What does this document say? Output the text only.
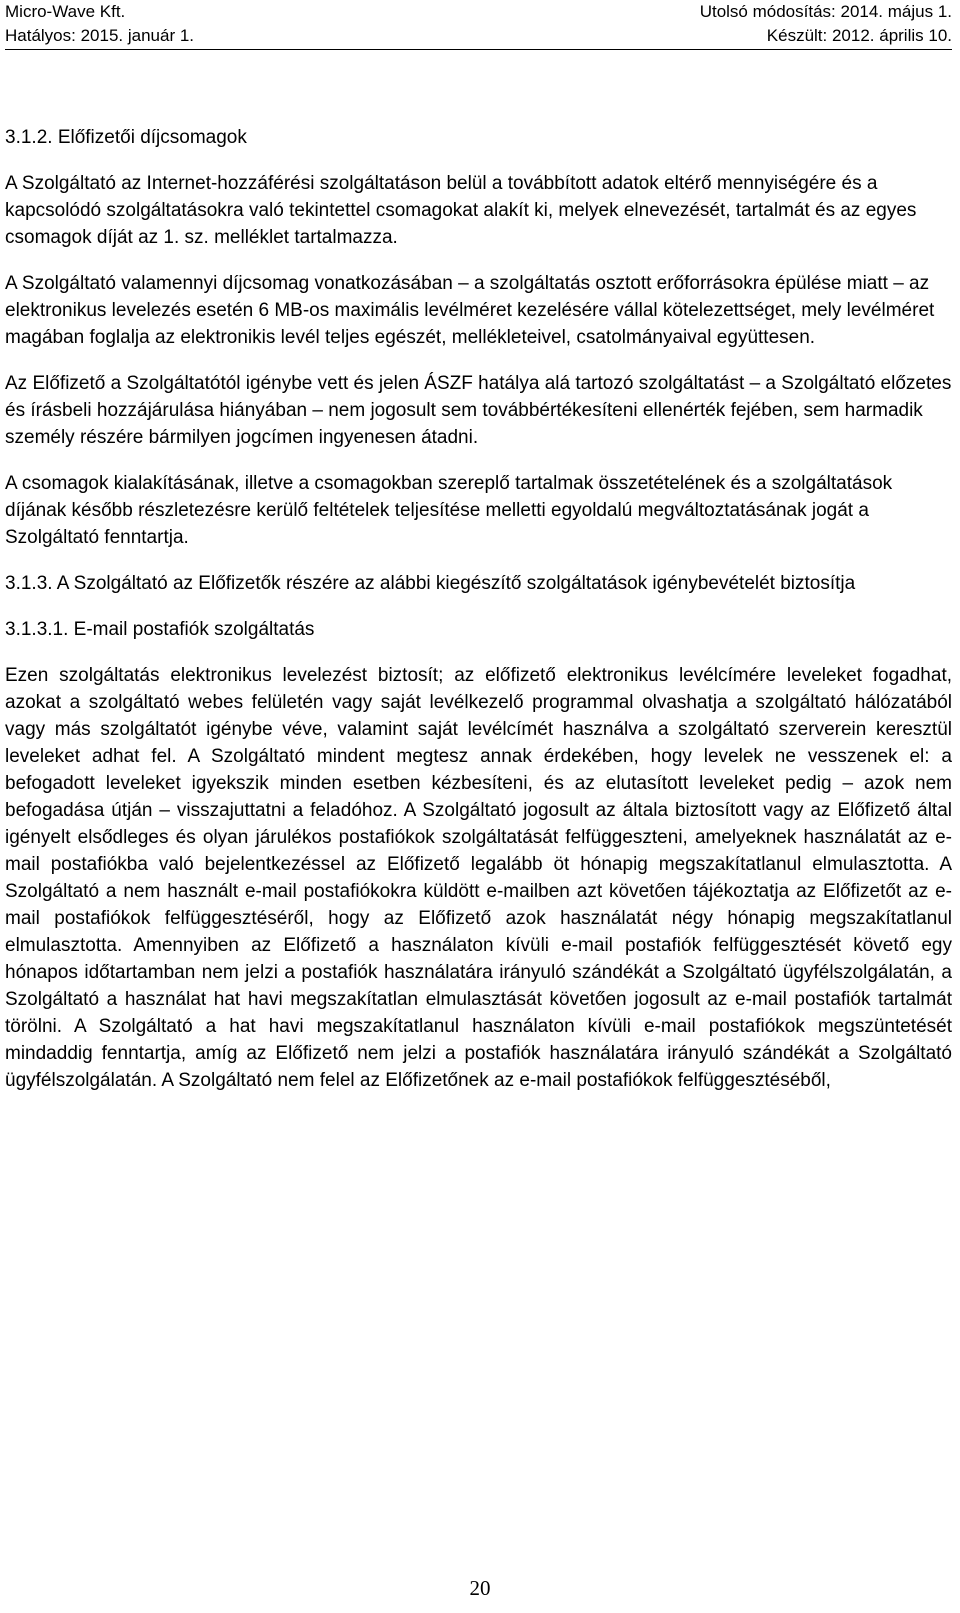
Micro-Wave Kft.	Utolsó módosítás: 2014. május 1.
Hatályos: 2015. január 1.	Készült: 2012. április 10.

3.1.2. Előfizetői díjcsomagok

A Szolgáltató az Internet-hozzáférési szolgáltatáson belül a továbbított adatok eltérő mennyiségére és a kapcsolódó szolgáltatásokra való tekintettel csomagokat alakít ki, melyek elnevezését, tartalmát és az egyes csomagok díját az 1. sz. melléklet tartalmazza.

A Szolgáltató valamennyi díjcsomag vonatkozásában – a szolgáltatás osztott erőforrásokra épülése miatt – az elektronikus levelezés esetén 6 MB-os maximális levélméret kezelésére vállal kötelezettséget, mely levélméret magában foglalja az elektronikis levél teljes egészét, mellékleteivel, csatolmányaival együttesen.

Az Előfizető a Szolgáltatótól igénybe vett és jelen ÁSZF hatálya alá tartozó szolgáltatást – a Szolgáltató előzetes és írásbeli hozzájárulása hiányában – nem jogosult sem továbbértékesíteni ellenérték fejében, sem harmadik személy részére bármilyen jogcímen ingyenesen átadni.

A csomagok kialakításának, illetve a csomagokban szereplő tartalmak összetételének és a szolgáltatások díjának később részletezésre kerülő feltételek teljesítése melletti egyoldalú megváltoztatásának jogát a Szolgáltató fenntartja.

3.1.3. A Szolgáltató az Előfizetők részére az alábbi kiegészítő szolgáltatások igénybevételét biztosítja

3.1.3.1. E-mail postafiók szolgáltatás

Ezen szolgáltatás elektronikus levelezést biztosít; az előfizető elektronikus levélcímére leveleket fogadhat, azokat a szolgáltató webes felületén vagy saját levélkezelő programmal olvashatja a szolgáltató hálózatából vagy más szolgáltatót igénybe véve, valamint saját levélcímét használva a szolgáltató szerverein keresztül leveleket adhat fel. A Szolgáltató mindent megtesz annak érdekében, hogy levelek ne vesszenek el: a befogadott leveleket igyekszik minden esetben kézbesíteni, és az elutasított leveleket pedig – azok nem befogadása útján – visszajuttatni a feladóhoz. A Szolgáltató jogosult az általa biztosított vagy az Előfizető által igényelt elsődleges és olyan járulékos postafiókok szolgáltatását felfüggeszteni, amelyeknek használatát az e-mail postafiókba való bejelentkezéssel az Előfizető legalább öt hónapig megszakítatlanul elmulasztotta. A Szolgáltató a nem használt e-mail postafiókokra küldött e-mailben azt követően tájékoztatja az Előfizetőt az e-mail postafiókok felfüggesztéséről, hogy az Előfizető azok használatát négy hónapig megszakítatlanul elmulasztotta. Amennyiben az Előfizető a használaton kívüli e-mail postafiók felfüggesztését követő egy hónapos időtartamban nem jelzi a postafiók használatára irányuló szándékát a Szolgáltató ügyfélszolgálatán, a Szolgáltató a használat hat havi megszakítatlan elmulasztását követően jogosult az e-mail postafiók tartalmát törölni. A Szolgáltató a hat havi megszakítatlanul használaton kívüli e-mail postafiókok megszüntetését mindaddig fenntartja, amíg az Előfizető nem jelzi a postafiók használatára irányuló szándékát a Szolgáltató ügyfélszolgálatán. A Szolgáltató nem felel az Előfizetőnek az e-mail postafiókok felfüggesztéséből,

20
